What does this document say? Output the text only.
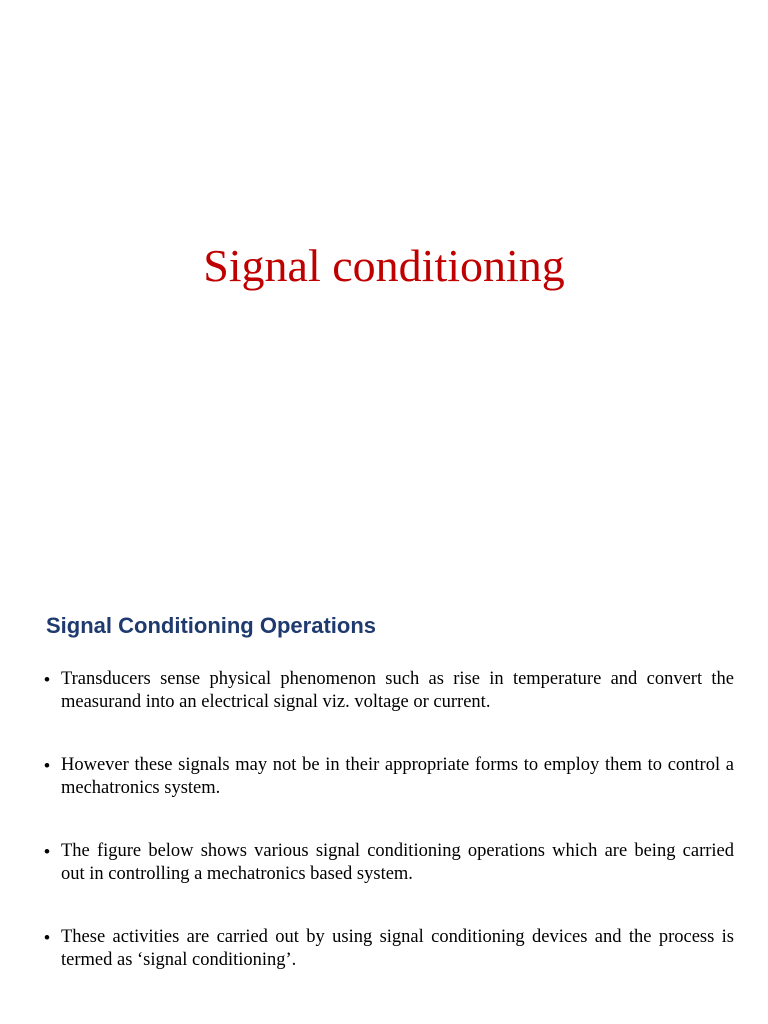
Signal conditioning
Signal Conditioning Operations
• Transducers sense physical phenomenon such as rise in temperature and convert the measurand into an electrical signal viz. voltage or current.
• However these signals may not be in their appropriate forms to employ them to control a mechatronics system.
• The figure below shows various signal conditioning operations which are being carried out in controlling a mechatronics based system.
• These activities are carried out by using signal conditioning devices and the process is termed as ‘signal conditioning’.
